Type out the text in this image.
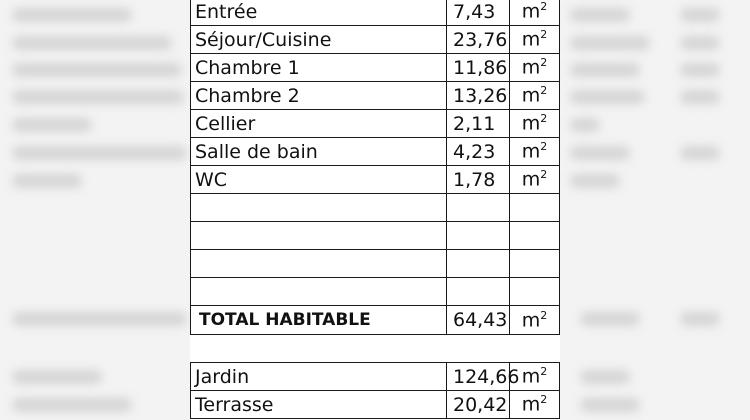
Entrée	7,43	$m^2$
Séjour/Cuisine	23,76	$m^2$
Chambre 1	11,86	$m^2$
Chambre 2	13,26	$m^2$
Cellier	2,11	$m^2$
Salle de bain	4,23	$m^2$
WC	1,78	$m^2$

TOTAL HABITABLE	64,43	$m^2$
Jardin	124,66	$m^2$
Terrasse	20,42	$m^2$
